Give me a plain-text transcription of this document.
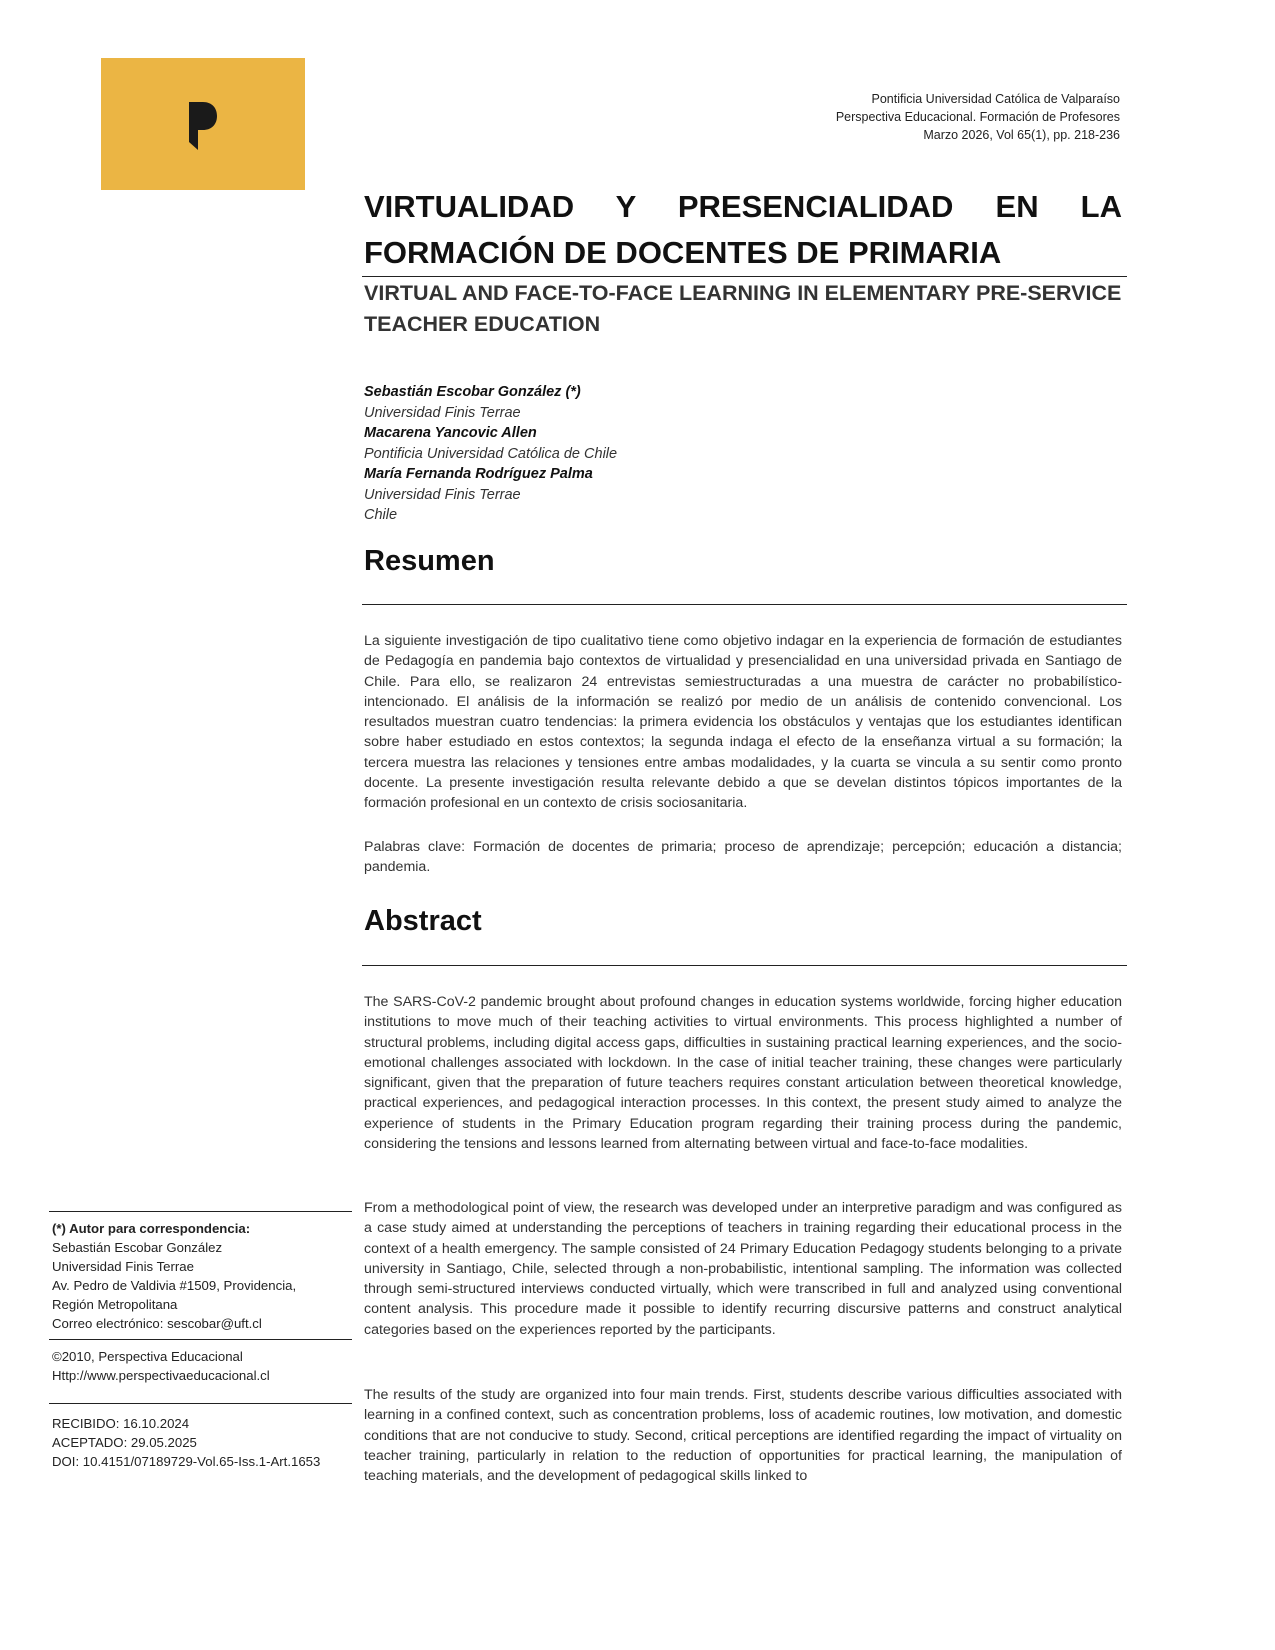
Pontificia Universidad Católica de Valparaíso
Perspectiva Educacional. Formación de Profesores
Marzo 2026, Vol 65(1), pp. 218-236
VIRTUALIDAD Y PRESENCIALIDAD EN LA FORMACIÓN DE DOCENTES DE PRIMARIA
VIRTUAL AND FACE-TO-FACE LEARNING IN ELEMENTARY PRE-SERVICE TEACHER EDUCATION
Sebastián Escobar González (*)
Universidad Finis Terrae
Macarena Yancovic Allen
Pontificia Universidad Católica de Chile
María Fernanda Rodríguez Palma
Universidad Finis Terrae
Chile
Resumen

La siguiente investigación de tipo cualitativo tiene como objetivo indagar en la experiencia de formación de estudiantes de Pedagogía en pandemia bajo contextos de virtualidad y presencialidad en una universidad privada en Santiago de Chile. Para ello, se realizaron 24 entrevistas semiestructuradas a una muestra de carácter no probabilístico-intencionado. El análisis de la información se realizó por medio de un análisis de contenido convencional. Los resultados muestran cuatro tendencias: la primera evidencia los obstáculos y ventajas que los estudiantes identifican sobre haber estudiado en estos contextos; la segunda indaga el efecto de la enseñanza virtual a su formación; la tercera muestra las relaciones y tensiones entre ambas modalidades, y la cuarta se vincula a su sentir como pronto docente. La presente investigación resulta relevante debido a que se develan distintos tópicos importantes de la formación profesional en un contexto de crisis sociosanitaria.

Palabras clave: Formación de docentes de primaria; proceso de aprendizaje; percepción; educación a distancia; pandemia.

Abstract

The SARS-CoV-2 pandemic brought about profound changes in education systems worldwide, forcing higher education institutions to move much of their teaching activities to virtual environments. This process highlighted a number of structural problems, including digital access gaps, difficulties in sustaining practical learning experiences, and the socio-emotional challenges associated with lockdown. In the case of initial teacher training, these changes were particularly significant, given that the preparation of future teachers requires constant articulation between theoretical knowledge, practical experiences, and pedagogical interaction processes. In this context, the present study aimed to analyze the experience of students in the Primary Education program regarding their training process during the pandemic, considering the tensions and lessons learned from alternating between virtual and face-to-face modalities.

From a methodological point of view, the research was developed under an interpretive paradigm and was configured as a case study aimed at understanding the perceptions of teachers in training regarding their educational process in the context of a health emergency. The sample consisted of 24 Primary Education Pedagogy students belonging to a private university in Santiago, Chile, selected through a non-probabilistic, intentional sampling. The information was collected through semi-structured interviews conducted virtually, which were transcribed in full and analyzed using conventional content analysis. This procedure made it possible to identify recurring discursive patterns and construct analytical categories based on the experiences reported by the participants.

The results of the study are organized into four main trends. First, students describe various difficulties associated with learning in a confined context, such as concentration problems, loss of academic routines, low motivation, and domestic conditions that are not conducive to study. Second, critical perceptions are identified regarding the impact of virtuality on teacher training, particularly in relation to the reduction of opportunities for practical learning, the manipulation of teaching materials, and the development of pedagogical skills linked to

(*) Autor para correspondencia:
Sebastián Escobar González
Universidad Finis Terrae
Av. Pedro de Valdivia #1509, Providencia,
Región Metropolitana
Correo electrónico: sescobar@uft.cl
©2010, Perspectiva Educacional
Http://www.perspectivaeducacional.cl
RECIBIDO: 16.10.2024
ACEPTADO: 29.05.2025
DOI: 10.4151/07189729-Vol.65-Iss.1-Art.1653
